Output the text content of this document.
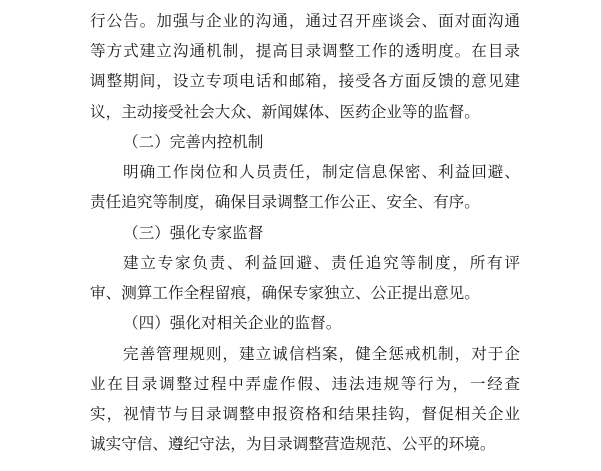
行公告。加强与企业的沟通，通过召开座谈会、面对面沟通
等方式建立沟通机制，提高目录调整工作的透明度。在目录
调整期间，设立专项电话和邮箱，接受各方面反馈的意见建
议，主动接受社会大众、新闻媒体、医药企业等的监督。
（二）完善内控机制
明确工作岗位和人员责任，制定信息保密、利益回避、
责任追究等制度，确保目录调整工作公正、安全、有序。
（三）强化专家监督
建立专家负责、利益回避、责任追究等制度，所有评
审、测算工作全程留痕，确保专家独立、公正提出意见。
（四）强化对相关企业的监督。
完善管理规则，建立诚信档案，健全惩戒机制，对于企
业在目录调整过程中弄虚作假、违法违规等行为，一经查
实，视情节与目录调整申报资格和结果挂钩，督促相关企业
诚实守信、遵纪守法，为目录调整营造规范、公平的环境。
